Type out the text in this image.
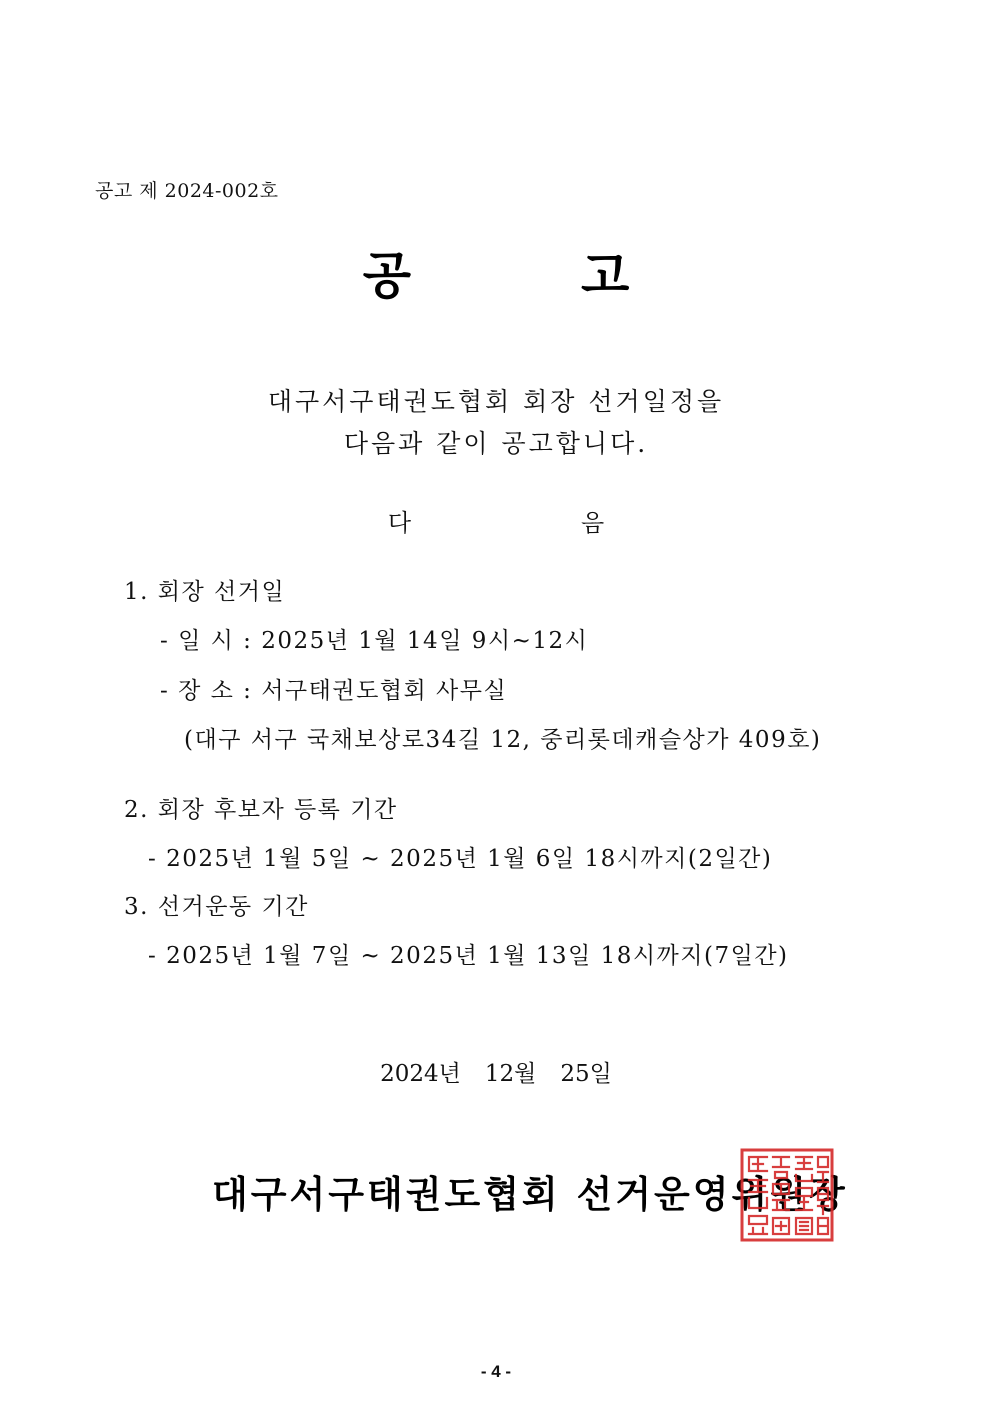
공고 제 2024-002호
공	고
대구서구태권도협회 회장 선거일정을
다음과 같이 공고합니다.
다	음
1. 회장 선거일
- 일 시 : 2025년 1월 14일 9시~12시
- 장 소 : 서구태권도협회 사무실
(대구 서구 국채보상로34길 12, 중리롯데캐슬상가 409호)
2. 회장 후보자 등록 기간
- 2025년 1월 5일 ~ 2025년 1월 6일 18시까지(2일간)
3. 선거운동 기간
- 2025년 1월 7일 ~ 2025년 1월 13일 18시까지(7일간)
2024년 12월 25일
대구서구태권도협회 선거운영위원장
- 4 -
